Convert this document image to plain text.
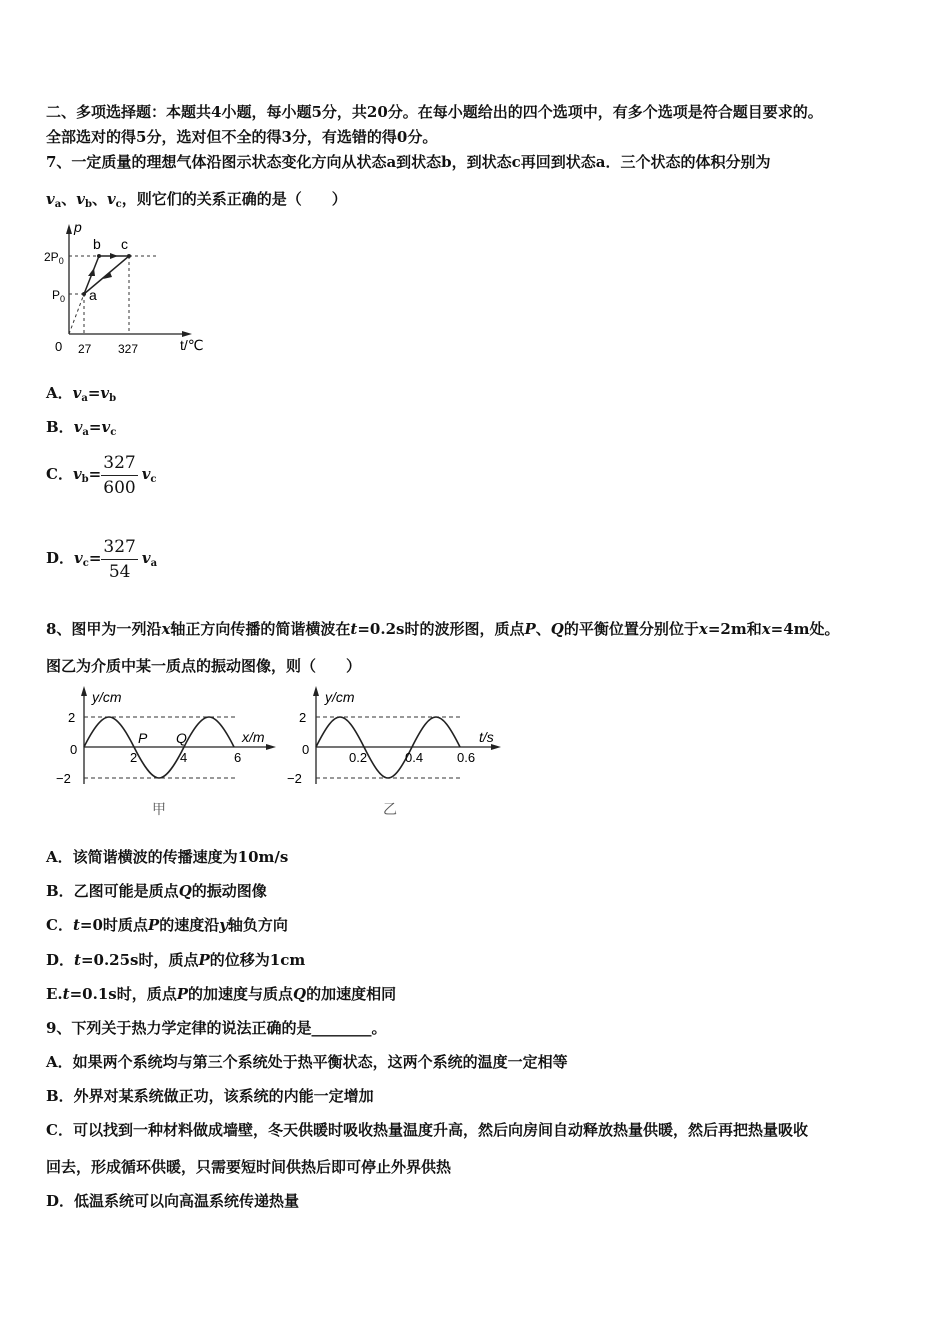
二、多项选择题：本题共4小题，每小题5分，共20分。在每小题给出的四个选项中，有多个选项是符合题目要求的。
全部选对的得5分，选对但不全的得3分，有选错的得0分。
7、一定质量的理想气体沿图示状态变化方向从状态a到状态b，到状态c再回到状态a．三个状态的体积分别为
$v_a$、$v_b$、$v_c$，则它们的关系正确的是（　　）
p
$2P_0$
$P_0$ a
b c
0 27 327	t/℃
A．$v_a=v_b$
B．$v_a=v_c$
C．$v_b= \frac{327}{600} v_c$
D．$v_c= \frac{327}{54} v_a$
8、图甲为一列沿x轴正方向传播的简谐横波在t=0.2s时的波形图，质点P、Q的平衡位置分别位于x=2m和x=4m处。
图乙为介质中某一质点的振动图像，则（　　）
y/cm
x/m
2
−2
0
2	4	6
P Q
甲
y/cm
t/s
2
−2
0
0.2	0.4	0.6
乙
A．该简谐横波的传播速度为10m/s
B．乙图可能是质点Q的振动图像
C．t=0时质点P的速度沿y轴负方向
D．t=0.25s时，质点P的位移为1cm
E.t=0.1s时，质点P的加速度与质点Q的加速度相同
9、下列关于热力学定律的说法正确的是________。
A．如果两个系统均与第三个系统处于热平衡状态，这两个系统的温度一定相等
B．外界对某系统做正功，该系统的内能一定增加
C．可以找到一种材料做成墙壁，冬天供暖时吸收热量温度升高，然后向房间自动释放热量供暖，然后再把热量吸收
回去，形成循环供暖，只需要短时间供热后即可停止外界供热
D．低温系统可以向高温系统传递热量
